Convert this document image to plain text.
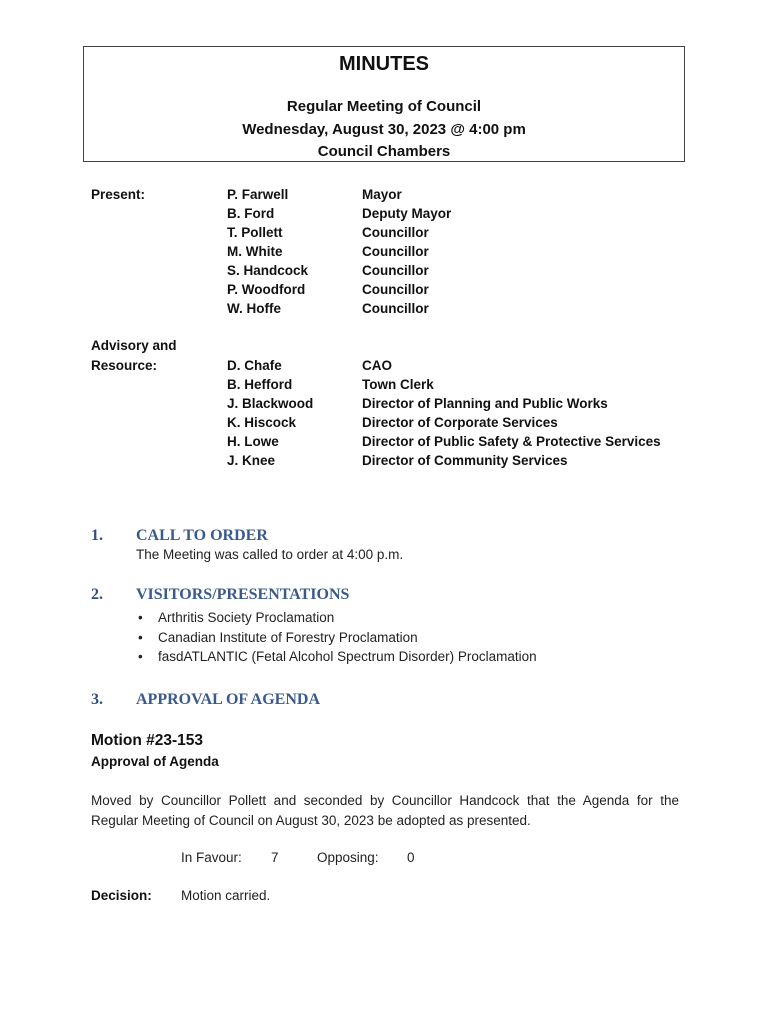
MINUTES
Regular Meeting of Council
Wednesday, August 30, 2023 @ 4:00 pm
Council Chambers
Present:	P. Farwell	Mayor
B. Ford	Deputy Mayor
T. Pollett	Councillor
M. White	Councillor
S. Handcock	Councillor
P. Woodford	Councillor
W. Hoffe	Councillor
Advisory and
Resource:	D. Chafe	CAO
B. Hefford	Town Clerk
J. Blackwood	Director of Planning and Public Works
K. Hiscock	Director of Corporate Services
H. Lowe	Director of Public Safety & Protective Services
J. Knee	Director of Community Services
1. CALL TO ORDER
The Meeting was called to order at 4:00 p.m.
2. VISITORS/PRESENTATIONS
• Arthritis Society Proclamation
• Canadian Institute of Forestry Proclamation
• fasdATLANTIC (Fetal Alcohol Spectrum Disorder) Proclamation
3. APPROVAL OF AGENDA
Motion #23-153
Approval of Agenda
Moved by Councillor Pollett and seconded by Councillor Handcock that the Agenda for the Regular Meeting of Council on August 30, 2023 be adopted as presented.
In Favour: 7	Opposing: 0
Decision: Motion carried.
